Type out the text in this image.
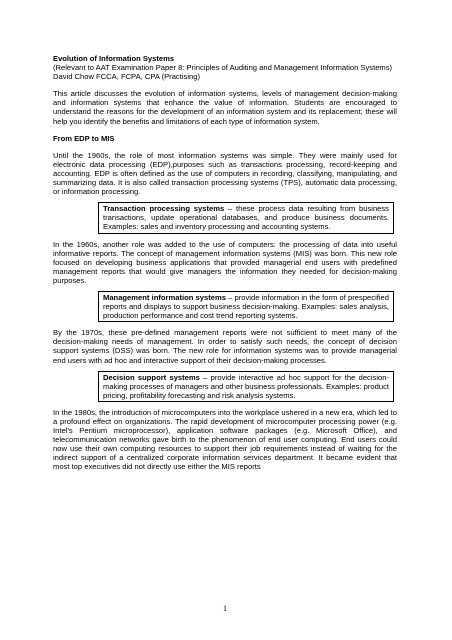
Evolution of Information Systems

(Relevant to AAT Examination Paper 8: Principles of Auditing and Management Information Systems)

David Chow FCCA, FCPA, CPA (Practising)

This article discusses the evolution of information systems, levels of management decision-making and information systems that enhance the value of information. Students are encouraged to understand the reasons for the development of an information system and its replacement; these will help you identify the benefits and limitations of each type of information system.

From EDP to MIS

Until the 1960s, the role of most information systems was simple. They were mainly used for electronic data processing (EDP),purposes such as transactions processing, record-keeping and accounting. EDP is often defined as the use of computers in recording, classifying, manipulating, and summarizing data. It is also called transaction processing systems (TPS), automatic data processing, or information processing.

Transaction processing systems – these process data resulting from business transactions, update operational databases, and produce business documents. Examples: sales and inventory processing and accounting systems.

In the 1960s, another role was added to the use of computers: the processing of data into useful informative reports. The concept of management information systems (MIS) was born. This new role focused on developing business applications that provided managerial end users with predefined management reports that would give managers the information they needed for decision-making purposes.

Management information systems – provide information in the form of prespecified reports and displays to support business decision-making. Examples: sales analysis, production performance and cost trend reporting systems.

By the 1970s, these pre-defined management reports were not sufficient to meet many of the decision-making needs of management. In order to satisfy such needs, the concept of decision support systems (DSS) was born. The new role for information systems was to provide managerial end users with ad hoc and interactive support of their decision-making processes.

Decision support systems – provide interactive ad hoc support for the decision-making processes of managers and other business professionals. Examples: product pricing, profitability forecasting and risk analysis systems.

In the 1980s, the introduction of microcomputers into the workplace ushered in a new era, which led to a profound effect on organizations. The rapid development of microcomputer processing power (e.g. Intel’s Pentium microprocessor), application software packages (e.g. Microsoft Office), and telecommunication networks gave birth to the phenomenon of end user computing. End users could now use their own computing resources to support their job requirements instead of waiting for the indirect support of a centralized corporate information services department. It became evident that most top executives did not directly use either the MIS reports

1
